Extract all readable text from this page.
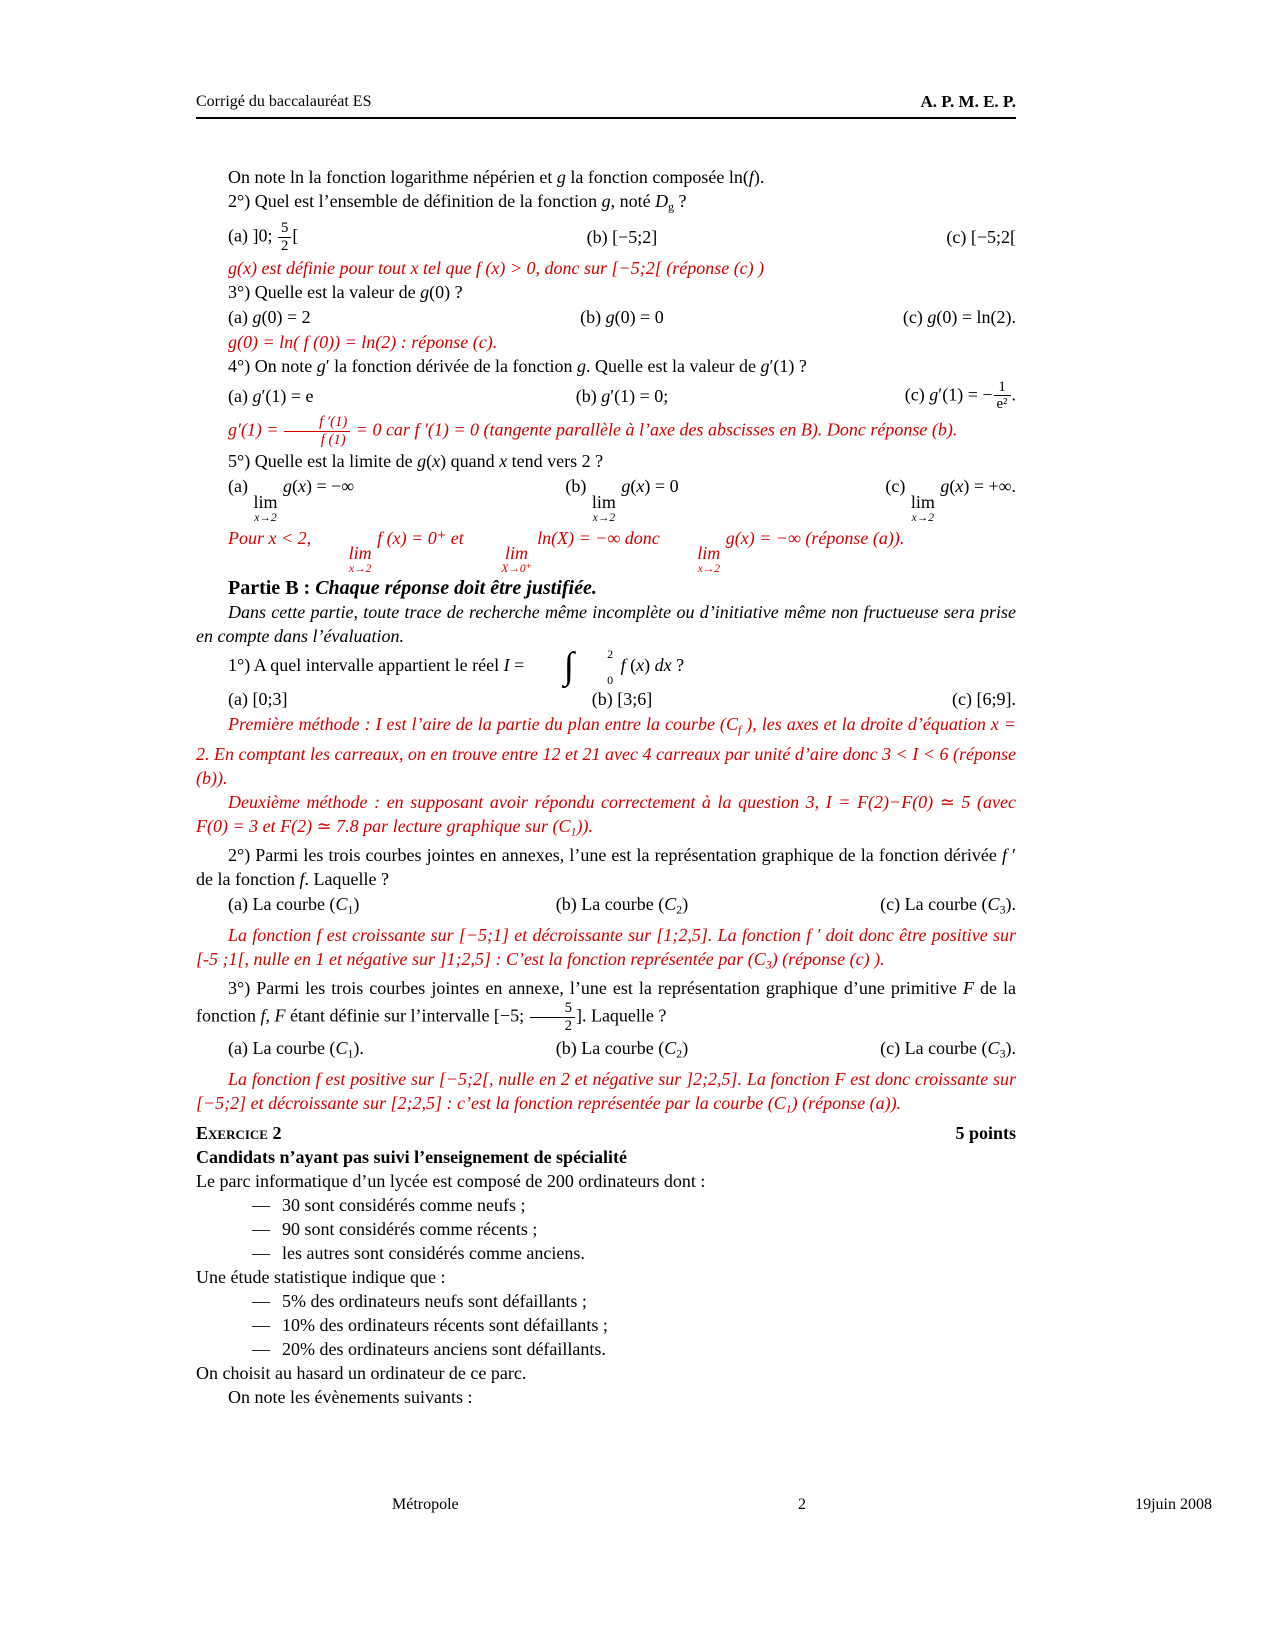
Corrigé du baccalauréat ES	A. P. M. E. P.

On note ln la fonction logarithme népérien et g la fonction composée ln(f).

2°) Quel est l’ensemble de définition de la fonction g, noté Dg ?

(a) ]0; $\frac{5}{2}$ [	(b) [−5;2]	(c) [−5;2[

g(x) est définie pour tout x tel que f (x) > 0, donc sur [−5;2[ (réponse (c) )

3°) Quelle est la valeur de g(0) ?

(a) g(0) = 2	(b) g(0) = 0	(c) g(0) = ln(2).

g(0) = ln( f (0)) = ln(2) : réponse (c).

4°) On note g′ la fonction dérivée de la fonction g. Quelle est la valeur de g′(1) ?

(a) g′(1) = e	(b) g′(1) = 0;	(c) g′(1) = − $\frac{1}{\text{e²}}$ .

$g'(1) = \frac{f '(1)}{f (1)} = 0$ car f ′(1) = 0 (tangente parallèle à l’axe des abscisses en B). Donc réponse (b).

5°) Quelle est la limite de g(x) quand x tend vers 2 ?

(a)
lim
x→2
g(x) = −∞	(b)
lim
x→2
g(x) = 0	(c)
lim
x→2
g(x) = +∞.

Pour x < 2,
lim
x→2
f (x) = 0⁺ et
lim
X→0⁺
ln(X) = −∞ donc
lim
x→2
g(x) = −∞ (réponse (a)).

Partie B : Chaque réponse doit être justifiée.

Dans cette partie, toute trace de recherche même incomplète ou d’initiative même non fructueuse sera prise en compte dans l’évaluation.

1°) A quel intervalle appartient le réel I = ∫	2
0
f (x) dx ?

(a) [0;3]	(b) [3;6]	(c) [6;9].

Première méthode : I est l’aire de la partie du plan entre la courbe (Cf ), les axes et la droite d’équation x = 2. En comptant les carreaux, on en trouve entre 12 et 21 avec 4 carreaux par unité d’aire donc 3 < I < 6 (réponse (b)).

Deuxième méthode : en supposant avoir répondu correctement à la question 3, I = F(2)−F(0) ≃ 5 (avec F(0) = 3 et F(2) ≃ 7.8 par lecture graphique sur (C1)).

2°) Parmi les trois courbes jointes en annexes, l’une est la représentation graphique de la fonction dérivée f ′ de la fonction f. Laquelle ?

(a) La courbe (C1)	(b) La courbe (C2)	(c) La courbe (C3).

La fonction f est croissante sur [−5;1] et décroissante sur [1;2,5]. La fonction f ′ doit donc être positive sur [-5 ;1[, nulle en 1 et négative sur ]1;2,5] : C’est la fonction représentée par (C3) (réponse (c) ).

3°) Parmi les trois courbes jointes en annexe, l’une est la représentation graphique d’une primitive F de la fonction f, F étant définie sur l’intervalle [−5; $\frac{5}{2}$ ]. Laquelle ?

(a) La courbe (C1).	(b) La courbe (C2)	(c) La courbe (C3).

La fonction f est positive sur [−5;2[, nulle en 2 et négative sur ]2;2,5]. La fonction F est donc croissante sur [−5;2] et décroissante sur [2;2,5] : c’est la fonction représentée par la courbe (C1) (réponse (a)).

Exercice 2	5 points

Candidats n’ayant pas suivi l’enseignement de spécialité

Le parc informatique d’un lycée est composé de 200 ordinateurs dont :

— 30 sont considérés comme neufs ;
— 90 sont considérés comme récents ;
— les autres sont considérés comme anciens.

Une étude statistique indique que :

— 5% des ordinateurs neufs sont défaillants ;
— 10% des ordinateurs récents sont défaillants ;
— 20% des ordinateurs anciens sont défaillants.

On choisit au hasard un ordinateur de ce parc.

On note les évènements suivants :

Métropole	2	19juin 2008
